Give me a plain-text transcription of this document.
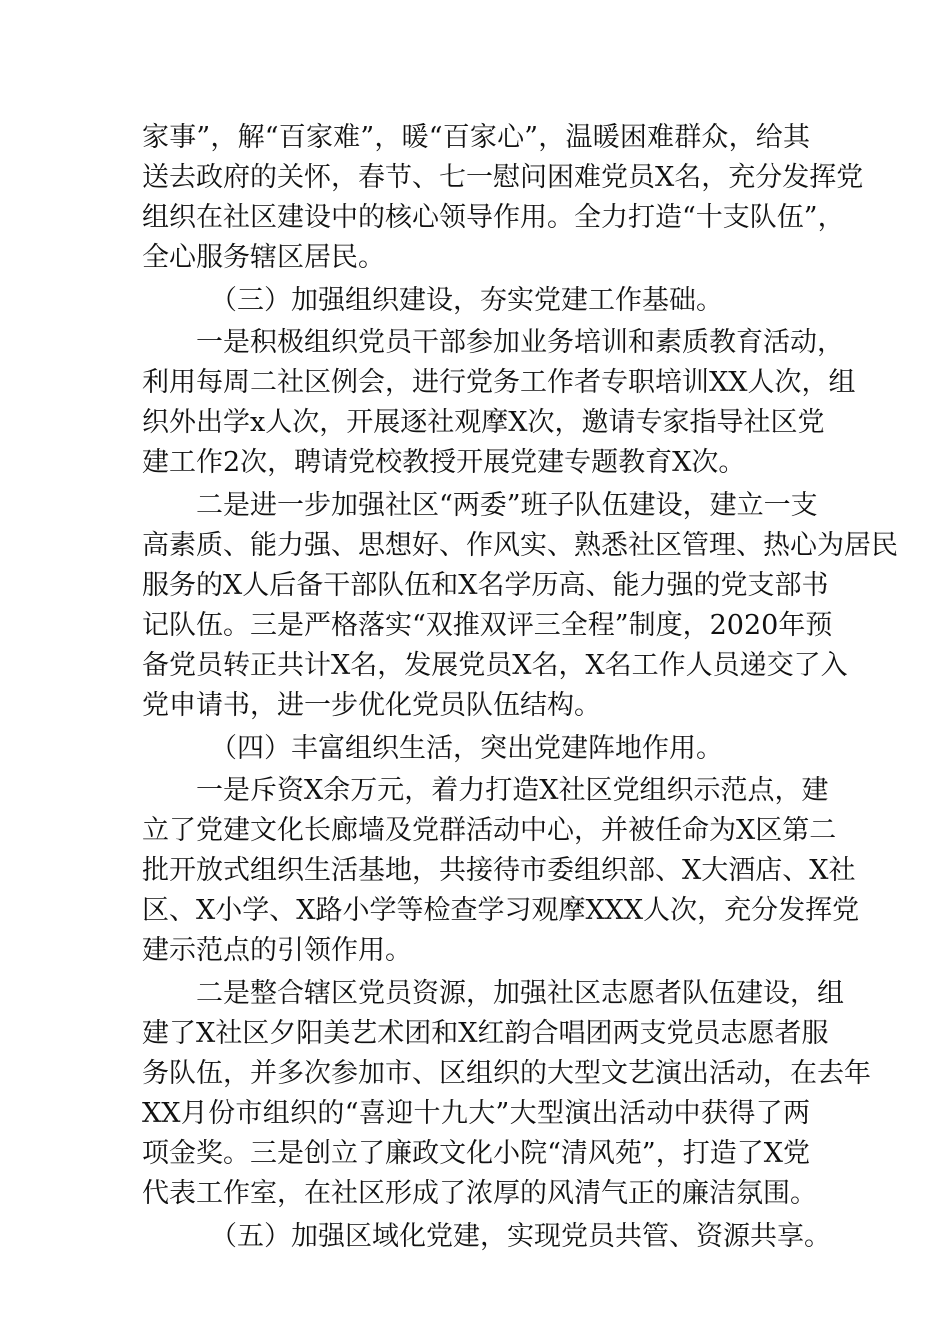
家事”，解“百家难”，暖“百家心”，温暖困难群众，给其
送去政府的关怀，春节、七一慰问困难党员X名，充分发挥党
组织在社区建设中的核心领导作用。全力打造“十支队伍”，
全心服务辖区居民。
（三）加强组织建设，夯实党建工作基础。
一是积极组织党员干部参加业务培训和素质教育活动，
利用每周二社区例会，进行党务工作者专职培训XX人次，组
织外出学x人次，开展逐社观摩X次，邀请专家指导社区党
建工作2次，聘请党校教授开展党建专题教育X次。
二是进一步加强社区“两委”班子队伍建设，建立一支
高素质、能力强、思想好、作风实、熟悉社区管理、热心为居民
服务的X人后备干部队伍和X名学历高、能力强的党支部书
记队伍。三是严格落实“双推双评三全程”制度，2020年预
备党员转正共计X名，发展党员X名，X名工作人员递交了入
党申请书，进一步优化党员队伍结构。
（四）丰富组织生活，突出党建阵地作用。
一是斥资X余万元，着力打造X社区党组织示范点，建
立了党建文化长廊墙及党群活动中心，并被任命为X区第二
批开放式组织生活基地，共接待市委组织部、X大酒店、X社
区、X小学、X路小学等检查学习观摩XXX人次，充分发挥党
建示范点的引领作用。
二是整合辖区党员资源，加强社区志愿者队伍建设，组
建了X社区夕阳美艺术团和X红韵合唱团两支党员志愿者服
务队伍，并多次参加市、区组织的大型文艺演出活动，在去年
XX月份市组织的“喜迎十九大”大型演出活动中获得了两
项金奖。三是创立了廉政文化小院“清风苑”，打造了X党
代表工作室，在社区形成了浓厚的风清气正的廉洁氛围。
（五）加强区域化党建，实现党员共管、资源共享。
